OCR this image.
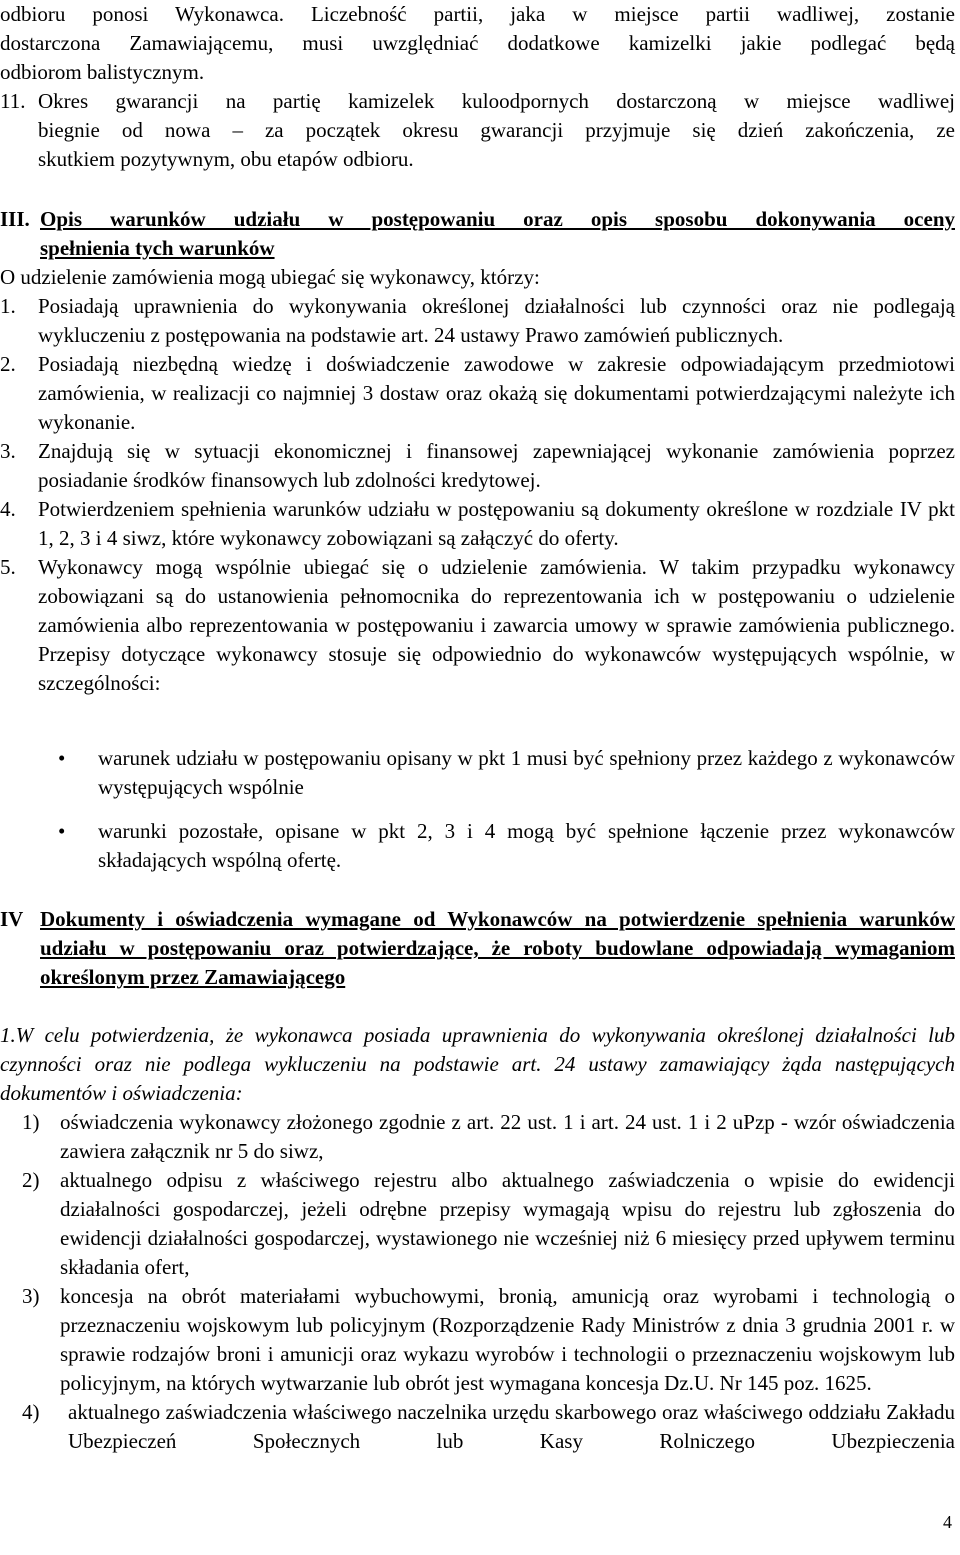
odbioru ponosi Wykonawca. Liczebność partii, jaka w miejsce partii wadliwej, zostanie

dostarczona Zamawiającemu, musi uwzględniać dodatkowe kamizelki jakie podlegać będą

odbiorom balistycznym.

11. Okres gwarancji na partię kamizelek kuloodpornych dostarczoną w miejsce wadliwej

biegnie od nowa – za początek okresu gwarancji przyjmuje się dzień zakończenia, ze

skutkiem pozytywnym, obu etapów odbioru.

III. Opis warunków udziału w postępowaniu oraz opis sposobu dokonywania oceny

spełnienia tych warunków

O udzielenie zamówienia mogą ubiegać się wykonawcy, którzy:

1. Posiadają uprawnienia do wykonywania określonej działalności lub czynności oraz nie podlegają wykluczeniu z postępowania na podstawie art. 24 ustawy Prawo zamówień publicznych.

2. Posiadają niezbędną wiedzę i doświadczenie zawodowe w zakresie odpowiadającym przedmiotowi zamówienia, w realizacji co najmniej 3 dostaw oraz okażą się dokumentami potwierdzającymi należyte ich wykonanie.

3. Znajdują się w sytuacji ekonomicznej i finansowej zapewniającej wykonanie zamówienia poprzez posiadanie środków finansowych lub zdolności kredytowej.

4. Potwierdzeniem spełnienia warunków udziału w postępowaniu są dokumenty określone w rozdziale IV pkt 1, 2, 3 i 4 siwz, które wykonawcy zobowiązani są załączyć do oferty.

5. Wykonawcy mogą wspólnie ubiegać się o udzielenie zamówienia. W takim przypadku wykonawcy zobowiązani są do ustanowienia pełnomocnika do reprezentowania ich w postępowaniu o udzielenie zamówienia albo reprezentowania w postępowaniu i zawarcia umowy w sprawie zamówienia publicznego. Przepisy dotyczące wykonawcy stosuje się odpowiednio do wykonawców występujących wspólnie, w szczególności:

• warunek udziału w postępowaniu opisany w pkt 1 musi być spełniony przez każdego z wykonawców występujących wspólnie

• warunki pozostałe, opisane w pkt 2, 3 i 4 mogą być spełnione łączenie przez wykonawców składających wspólną ofertę.

IV Dokumenty i oświadczenia wymagane od Wykonawców na potwierdzenie spełnienia warunków udziału w postępowaniu oraz potwierdzające, że roboty budowlane odpowiadają wymaganiom określonym przez Zamawiającego

1.W celu potwierdzenia, że wykonawca posiada uprawnienia do wykonywania określonej działalności lub czynności oraz nie podlega wykluczeniu na podstawie art. 24 ustawy zamawiający żąda następujących dokumentów i oświadczenia:

1) oświadczenia wykonawcy złożonego zgodnie z art. 22 ust. 1 i art. 24 ust. 1 i 2 uPzp - wzór oświadczenia zawiera załącznik nr 5 do siwz,

2) aktualnego odpisu z właściwego rejestru albo aktualnego zaświadczenia o wpisie do ewidencji działalności gospodarczej, jeżeli odrębne przepisy wymagają wpisu do rejestru lub zgłoszenia do ewidencji działalności gospodarczej, wystawionego nie wcześniej niż 6 miesięcy przed upływem terminu składania ofert,

3) koncesja na obrót materiałami wybuchowymi, bronią, amunicją oraz wyrobami i technologią o przeznaczeniu wojskowym lub policyjnym (Rozporządzenie Rady Ministrów z dnia 3 grudnia 2001 r. w sprawie rodzajów broni i amunicji oraz wykazu wyrobów i technologii o przeznaczeniu wojskowym lub policyjnym, na których wytwarzanie lub obrót jest wymagana koncesja Dz.U. Nr 145 poz. 1625.

4) aktualnego zaświadczenia właściwego naczelnika urzędu skarbowego oraz właściwego oddziału Zakładu Ubezpieczeń Społecznych lub Kasy Rolniczego Ubezpieczenia

4
